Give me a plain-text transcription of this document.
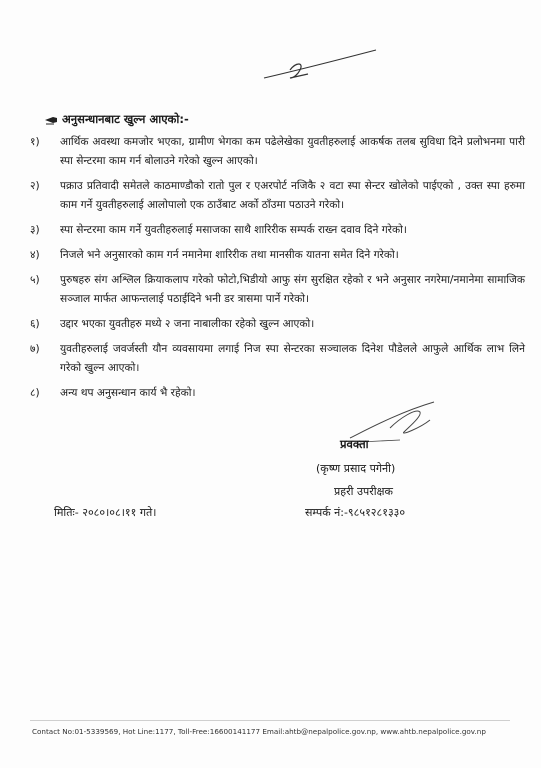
अनुसन्धानबाट खुल्न आएको:-
१)	आर्थिक अवस्था कमजोर भएका, ग्रामीण भेगका कम पढेलेखेका युवतीहरुलाई आकर्षक तलब सुविधा दिने प्रलोभनमा पारी स्पा सेन्टरमा काम गर्न बोलाउने गरेको खुल्न आएको।
२)	पक्राउ प्रतिवादी समेतले काठमाण्डौको रातो पुल र एअरपोर्ट नजिकै २ वटा स्पा सेन्टर खोलेको पाईएको , उक्त स्पा हरुमा काम गर्ने युवतीहरुलाई आलोपालो एक ठाउँबाट अर्को ठाँउमा पठाउने गरेको।
३)	स्पा सेन्टरमा काम गर्ने युवतीहरुलाई मसाजका साथै शारिरीक सम्पर्क राख्न दवाव दिने गरेको।
४)	निजले भने अनुसारको काम गर्न नमानेमा शारिरीक तथा मानसीक यातना समेत दिने गरेको।
५)	पुरुषहरु संग अश्लिल क्रियाकलाप गरेको फोटो,भिडीयो आफु संग सुरक्षित रहेको र भने अनुसार नगरेमा/नमानेमा सामाजिक सञ्जाल मार्फत आफन्तलाई पठाईदिने भनी डर त्रासमा पार्ने गरेको।
६)	उद्दार भएका युवतीहरु मध्ये २ जना नाबालीका रहेको खुल्न आएको।
७)	युवतीहरुलाई जवर्जस्ती यौन व्यवसायमा लगाई निज स्पा सेन्टरका सञ्चालक दिनेश पौडेलले आफुले आर्थिक लाभ लिने गरेको खुल्न आएको।
८)	अन्य थप अनुसन्धान कार्य भै रहेको।
प्रवक्ता
(कृष्ण प्रसाद पगेनी)
प्रहरी उपरीक्षक
मितिः- २०८०।०८।११ गते।	सम्पर्क नं:-९८५१२८१३३०
Contact No:01-5339569, Hot Line:1177, Toll-Free:16600141177 Email:ahtb@nepalpolice.gov.np, www.ahtb.nepalpolice.gov.np
